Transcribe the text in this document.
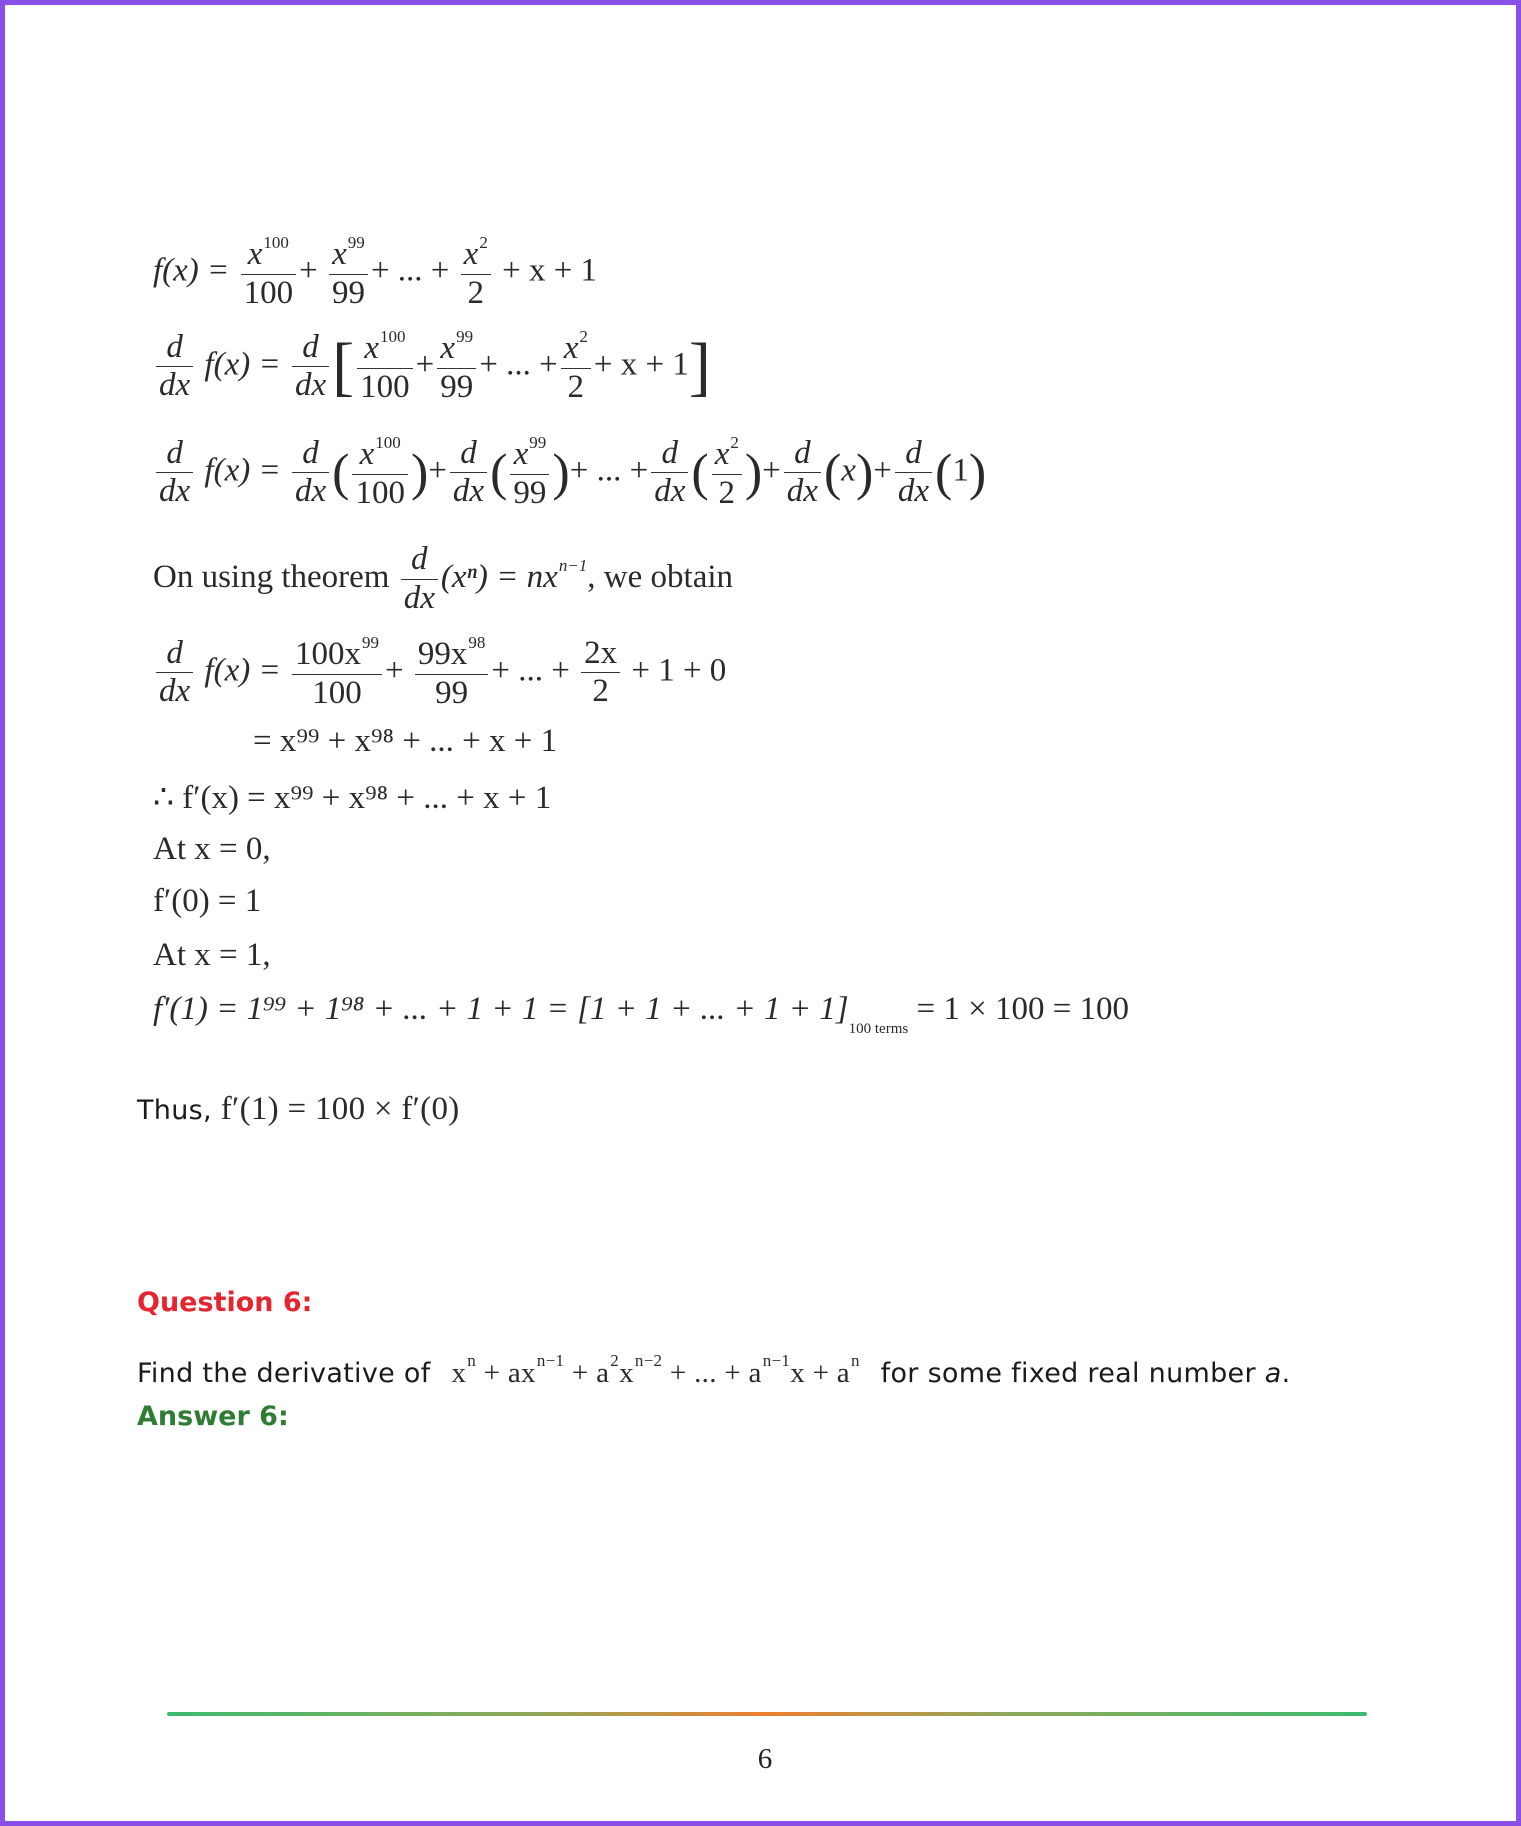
$f(x) = \frac{x^{100}}{100} + \frac{x^{99}}{99}$ + ... + $\frac{x^2}{2} + x + 1$
$\frac{d}{dx} f(x) = \frac{d}{dx}$ [ $\frac{x^{100}}{100} + \frac{x^{99}}{99}$ + ... + $\frac{x^2}{2} + x + 1$]
$\frac{d}{dx} f(x) = \frac{d}{dx}$ ( $\frac{x^{100}}{100}$ )+ $\frac{d}{dx}$ ( $\frac{x^{99}}{99}$ )+ ... + $\frac{d}{dx}$ ( $\frac{x^2}{2}$ )+ $\frac{d}{dx} (x)+ \frac{d}{dx} (1)$
On using theorem $\frac{d}{dx} (x^n) = nx^{n-1}$, we obtain
$\frac{d}{dx} f(x) = \frac{100x^{99}}{100} + \frac{99x^{98}}{99}$ + ... + $\frac{2x}{2} + 1 + 0$
= x⁹⁹ + x⁹⁸ + ... + x + 1
∴ f′(x) = x⁹⁹ + x⁹⁸ + ... + x + 1
At x = 0,
f′(0) = 1
At x = 1,
f′(1) = 1⁹⁹ + 1⁹⁸ + ... + 1 + 1 = [1 + 1 + ... + $1 + 1]_{100 terms} = 1 \times 100 = 100$
Thus, f′(1) = 100 × f′(0)
Question 6:
Find the derivative of $x^n + ax^{n-1} + a^2x^{n-2}$ + ... + $a^{n-1}x + a^n$ for some fixed real number a.
Answer 6:
6
